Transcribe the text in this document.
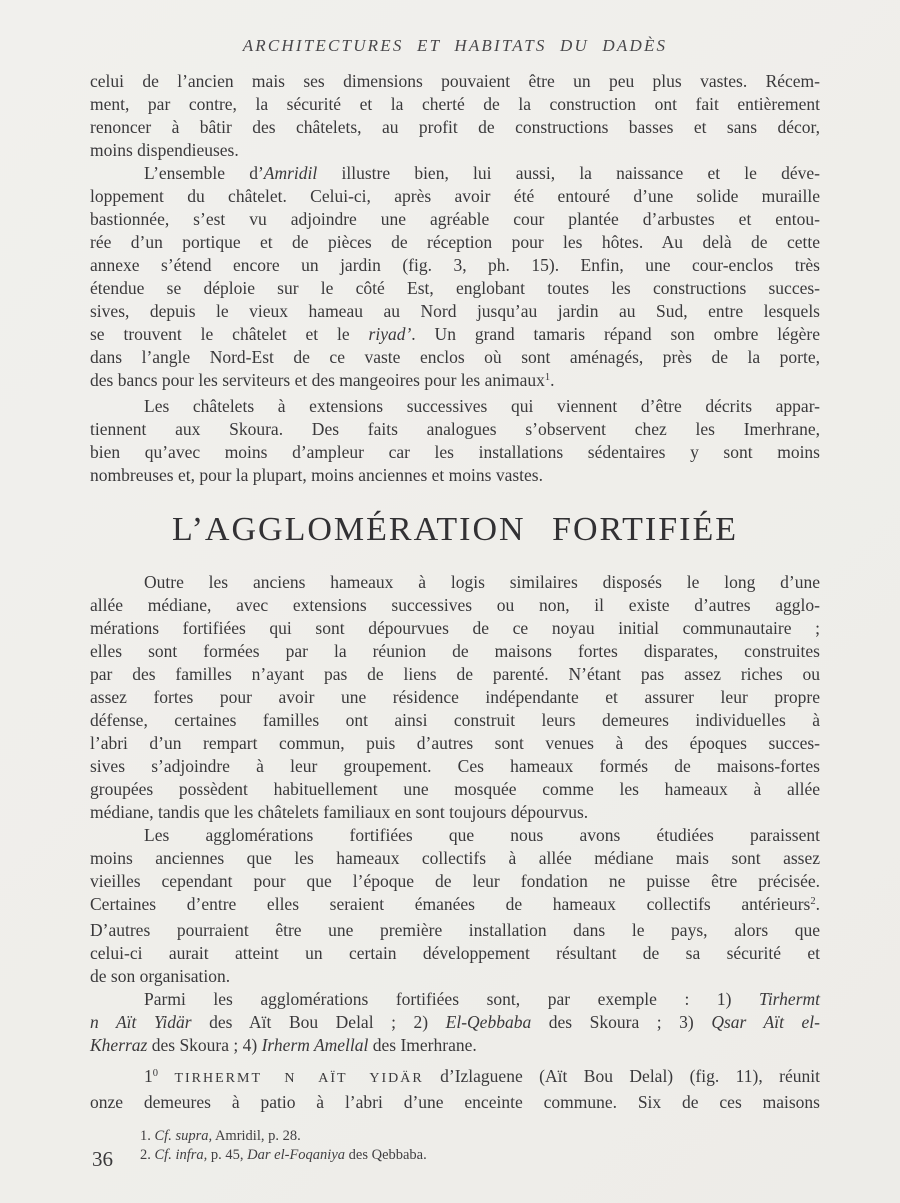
ARCHITECTURES ET HABITATS DU DADÈS
celui de l’ancien mais ses dimensions pouvaient être un peu plus vastes. Récem-
ment, par contre, la sécurité et la cherté de la construction ont fait entièrement
renoncer à bâtir des châtelets, au profit de constructions basses et sans décor,
moins dispendieuses.
L’ensemble d’Amridil illustre bien, lui aussi, la naissance et le déve-
loppement du châtelet. Celui-ci, après avoir été entouré d’une solide muraille
bastionnée, s’est vu adjoindre une agréable cour plantée d’arbustes et entou-
rée d’un portique et de pièces de réception pour les hôtes. Au delà de cette
annexe s’étend encore un jardin (fig. 3, ph. 15). Enfin, une cour-enclos très
étendue se déploie sur le côté Est, englobant toutes les constructions succes-
sives, depuis le vieux hameau au Nord jusqu’au jardin au Sud, entre lesquels
se trouvent le châtelet et le riyad’. Un grand tamaris répand son ombre légère
dans l’angle Nord-Est de ce vaste enclos où sont aménagés, près de la porte,
des bancs pour les serviteurs et des mangeoires pour les animaux$^1$.
Les châtelets à extensions successives qui viennent d’être décrits appar-
tiennent aux Skoura. Des faits analogues s’observent chez les Imerhrane,
bien qu’avec moins d’ampleur car les installations sédentaires y sont moins
nombreuses et, pour la plupart, moins anciennes et moins vastes.
L’AGGLOMÉRATION FORTIFIÉE
Outre les anciens hameaux à logis similaires disposés le long d’une
allée médiane, avec extensions successives ou non, il existe d’autres agglo-
mérations fortifiées qui sont dépourvues de ce noyau initial communautaire ;
elles sont formées par la réunion de maisons fortes disparates, construites
par des familles n’ayant pas de liens de parenté. N’étant pas assez riches ou
assez fortes pour avoir une résidence indépendante et assurer leur propre
défense, certaines familles ont ainsi construit leurs demeures individuelles à
l’abri d’un rempart commun, puis d’autres sont venues à des époques succes-
sives s’adjoindre à leur groupement. Ces hameaux formés de maisons-fortes
groupées possèdent habituellement une mosquée comme les hameaux à allée
médiane, tandis que les châtelets familiaux en sont toujours dépourvus.
Les agglomérations fortifiées que nous avons étudiées paraissent
moins anciennes que les hameaux collectifs à allée médiane mais sont assez
vieilles cependant pour que l’époque de leur fondation ne puisse être précisée.
Certaines d’entre elles seraient émanées de hameaux collectifs antérieurs$^2$.
D’autres pourraient être une première installation dans le pays, alors que
celui-ci aurait atteint un certain développement résultant de sa sécurité et
de son organisation.
Parmi les agglomérations fortifiées sont, par exemple : 1) Tirhermt
n Aït Yidär des Aït Bou Delal ; 2) El-Qebbaba des Skoura ; 3) Qsar Aït el-
Kherraz des Skoura ; 4) Irherm Amellal des Imerhrane.
$1^0$ TIRHERMT N AÏT YIDÄR d’Izlaguene (Aït Bou Delal) (fig. 11), réunit
onze demeures à patio à l’abri d’une enceinte commune. Six de ces maisons
1. Cf. supra, Amridil, p. 28.
2. Cf. infra, p. 45, Dar el-Foqaniya des Qebbaba.
36
